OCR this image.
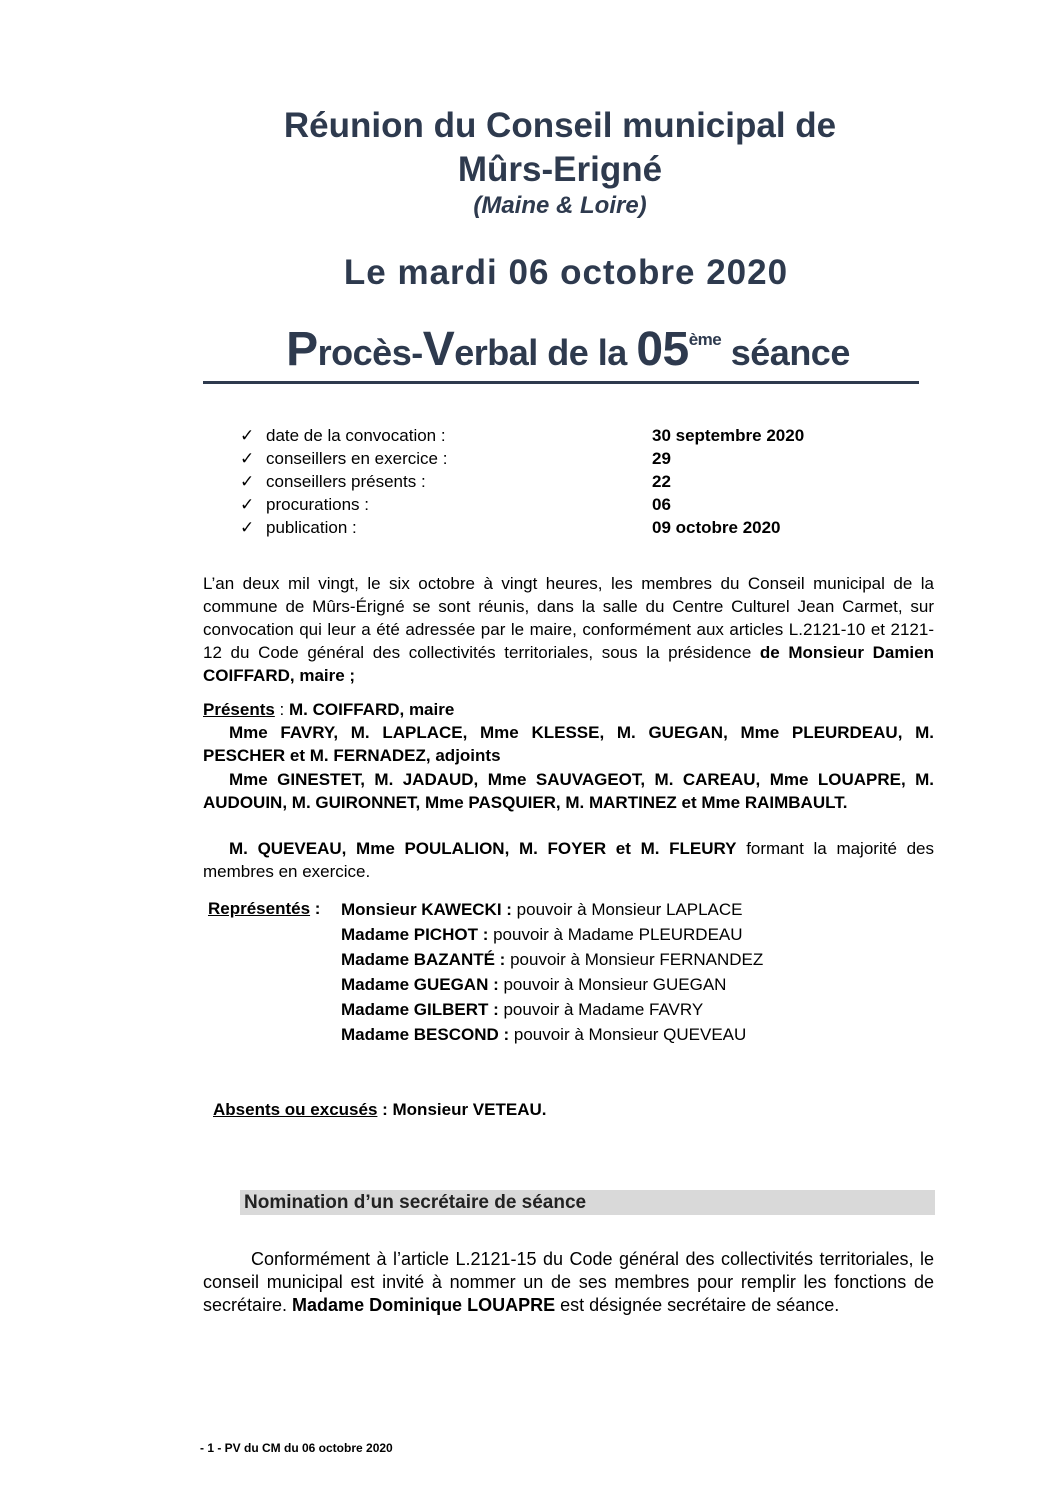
Réunion du Conseil municipal de
Mûrs-Erigné
(Maine & Loire)
Le mardi 06 octobre 2020
Procès-Verbal de la 05ème séance
✓ date de la convocation :	30 septembre 2020
✓ conseillers en exercice :	29
✓ conseillers présents :	22
✓ procurations :	06
✓ publication :	09 octobre 2020
L’an deux mil vingt, le six octobre à vingt heures, les membres du Conseil municipal de la commune de Mûrs-Érigné se sont réunis, dans la salle du Centre Culturel Jean Carmet, sur convocation qui leur a été adressée par le maire, conformément aux articles L.2121-10 et 2121-12 du Code général des collectivités territoriales, sous la présidence de Monsieur Damien COIFFARD, maire ;
Présents : M. COIFFARD, maire
Mme FAVRY, M. LAPLACE, Mme KLESSE, M. GUEGAN, Mme PLEURDEAU, M. PESCHER et M. FERNADEZ, adjoints
Mme GINESTET, M. JADAUD, Mme SAUVAGEOT, M. CAREAU, Mme LOUAPRE, M. AUDOUIN, M. GUIRONNET, Mme PASQUIER, M. MARTINEZ et Mme RAIMBAULT.
M. QUEVEAU, Mme POULALION, M. FOYER et M. FLEURY formant la majorité des membres en exercice.
Représentés : Monsieur KAWECKI : pouvoir à Monsieur LAPLACE
Madame PICHOT : pouvoir à Madame PLEURDEAU
Madame BAZANTÉ : pouvoir à Monsieur FERNANDEZ
Madame GUEGAN : pouvoir à Monsieur GUEGAN
Madame GILBERT : pouvoir à Madame FAVRY
Madame BESCOND : pouvoir à Monsieur QUEVEAU
Absents ou excusés : Monsieur VETEAU.
Nomination d’un secrétaire de séance
Conformément à l’article L.2121-15 du Code général des collectivités territoriales, le conseil municipal est invité à nommer un de ses membres pour remplir les fonctions de secrétaire. Madame Dominique LOUAPRE est désignée secrétaire de séance.
- 1 - PV du CM du 06 octobre 2020
